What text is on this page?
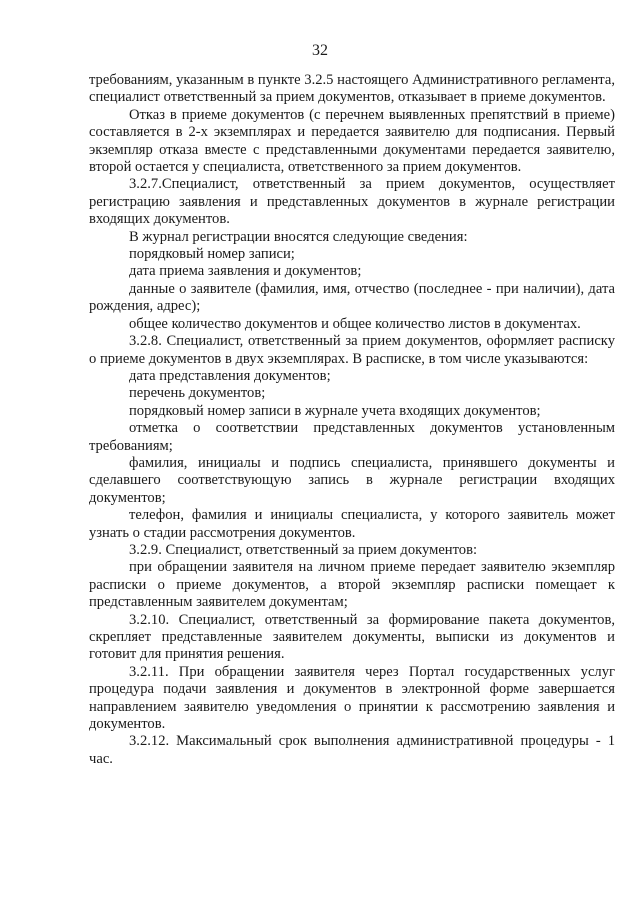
32

требованиям, указанным в пункте 3.2.5 настоящего Административного регламента, специалист ответственный за прием документов, отказывает в приеме документов.

Отказ в приеме документов (с перечнем выявленных препятствий в приеме) составляется в 2-х экземплярах и передается заявителю для подписания. Первый экземпляр отказа вместе с представленными документами передается заявителю, второй остается у специалиста, ответственного за прием документов.

3.2.7.Специалист, ответственный за прием документов, осуществляет регистрацию заявления и представленных документов в журнале регистрации входящих документов.

В журнал регистрации вносятся следующие сведения:

порядковый номер записи;

дата приема заявления и документов;

данные о заявителе (фамилия, имя, отчество (последнее - при наличии), дата рождения, адрес);

общее количество документов и общее количество листов в документах.

3.2.8. Специалист, ответственный за прием документов, оформляет расписку о приеме документов в двух экземплярах. В расписке, в том числе указываются:

дата представления документов;

перечень документов;

порядковый номер записи в журнале учета входящих документов;

отметка о соответствии представленных документов установленным требованиям;

фамилия, инициалы и подпись специалиста, принявшего документы и сделавшего соответствующую запись в журнале регистрации входящих документов;

телефон, фамилия и инициалы специалиста, у которого заявитель может узнать о стадии рассмотрения документов.

3.2.9. Специалист, ответственный за прием документов:

при обращении заявителя на личном приеме передает заявителю экземпляр расписки о приеме документов, а второй экземпляр расписки помещает к представленным заявителем документам;

3.2.10. Специалист, ответственный за формирование пакета документов, скрепляет представленные заявителем документы, выписки из документов и готовит для принятия решения.

3.2.11. При обращении заявителя через Портал государственных услуг процедура подачи заявления и документов в электронной форме завершается направлением заявителю уведомления о принятии к рассмотрению заявления и документов.

3.2.12. Максимальный срок выполнения административной процедуры - 1 час.
